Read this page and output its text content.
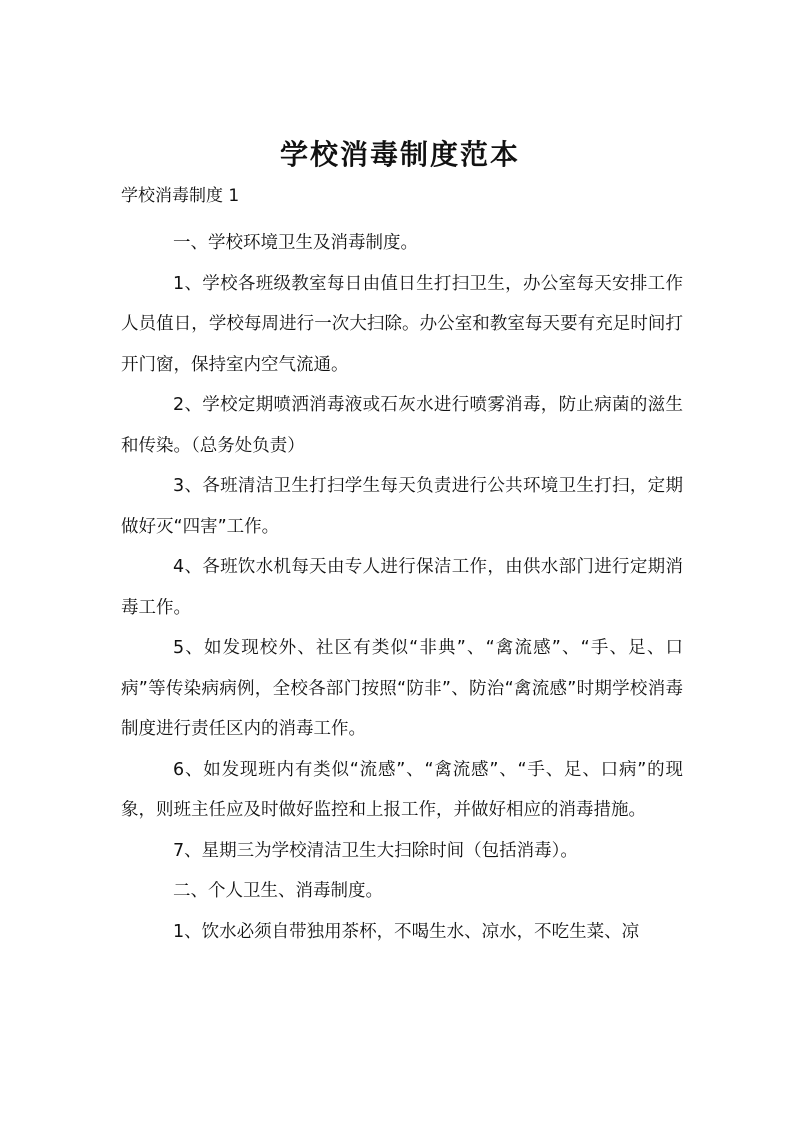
学校消毒制度范本

学校消毒制度 1

一、学校环境卫生及消毒制度。

1、学校各班级教室每日由值日生打扫卫生，办公室每天安排工作人员值日，学校每周进行一次大扫除。办公室和教室每天要有充足时间打开门窗，保持室内空气流通。

2、学校定期喷洒消毒液或石灰水进行喷雾消毒，防止病菌的滋生和传染。（总务处负责）

3、各班清洁卫生打扫学生每天负责进行公共环境卫生打扫，定期做好灭“四害”工作。

4、各班饮水机每天由专人进行保洁工作，由供水部门进行定期消毒工作。

5、如发现校外、社区有类似“非典”、“禽流感”、“手、足、口病”等传染病病例，全校各部门按照“防非”、防治“禽流感”时期学校消毒制度进行责任区内的消毒工作。

6、如发现班内有类似“流感”、“禽流感”、“手、足、口病”的现象，则班主任应及时做好监控和上报工作，并做好相应的消毒措施。

7、星期三为学校清洁卫生大扫除时间（包括消毒）。

二、个人卫生、消毒制度。

1、饮水必须自带独用茶杯，不喝生水、凉水，不吃生菜、凉
